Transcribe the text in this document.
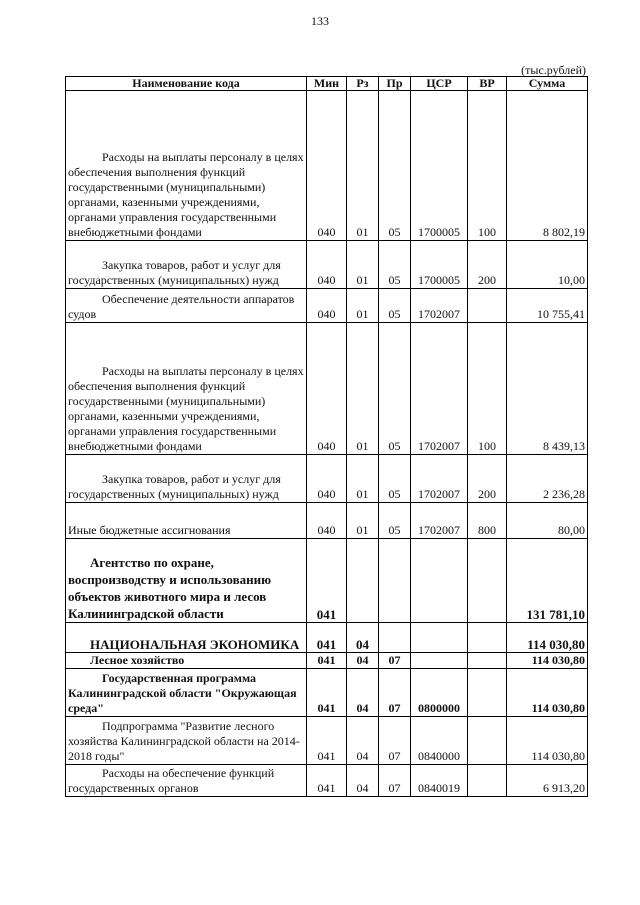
133
(тыс.рублей)
Наименование кода	Мин	Рз	Пр	ЦСР	ВР	Сумма
Расходы на выплаты персоналу в целях обеспечения выполнения функций государственными (муниципальными) органами, казенными учреждениями, органами управления государственными внебюджетными фондами	040	01	05	1700005	100	8 802,19
Закупка товаров, работ и услуг для государственных (муниципальных) нужд	040	01	05	1700005	200	10,00
Обеспечение деятельности аппаратов судов	040	01	05	1702007		10 755,41
Расходы на выплаты персоналу в целях обеспечения выполнения функций государственными (муниципальными) органами, казенными учреждениями, органами управления государственными внебюджетными фондами	040	01	05	1702007	100	8 439,13
Закупка товаров, работ и услуг для государственных (муниципальных) нужд	040	01	05	1702007	200	2 236,28
Иные бюджетные ассигнования	040	01	05	1702007	800	80,00
Агентство по охране, воспроизводству и использованию объектов животного мира и лесов Калининградской области	041					131 781,10
НАЦИОНАЛЬНАЯ ЭКОНОМИКА	041	04				114 030,80
Лесное хозяйство	041	04	07			114 030,80
Государственная программа Калининградской области "Окружающая среда"	041	04	07	0800000		114 030,80
Подпрограмма "Развитие лесного хозяйства Калининградской области на 2014-2018 годы"	041	04	07	0840000		114 030,80
Расходы на обеспечение функций государственных органов	041	04	07	0840019		6 913,20
